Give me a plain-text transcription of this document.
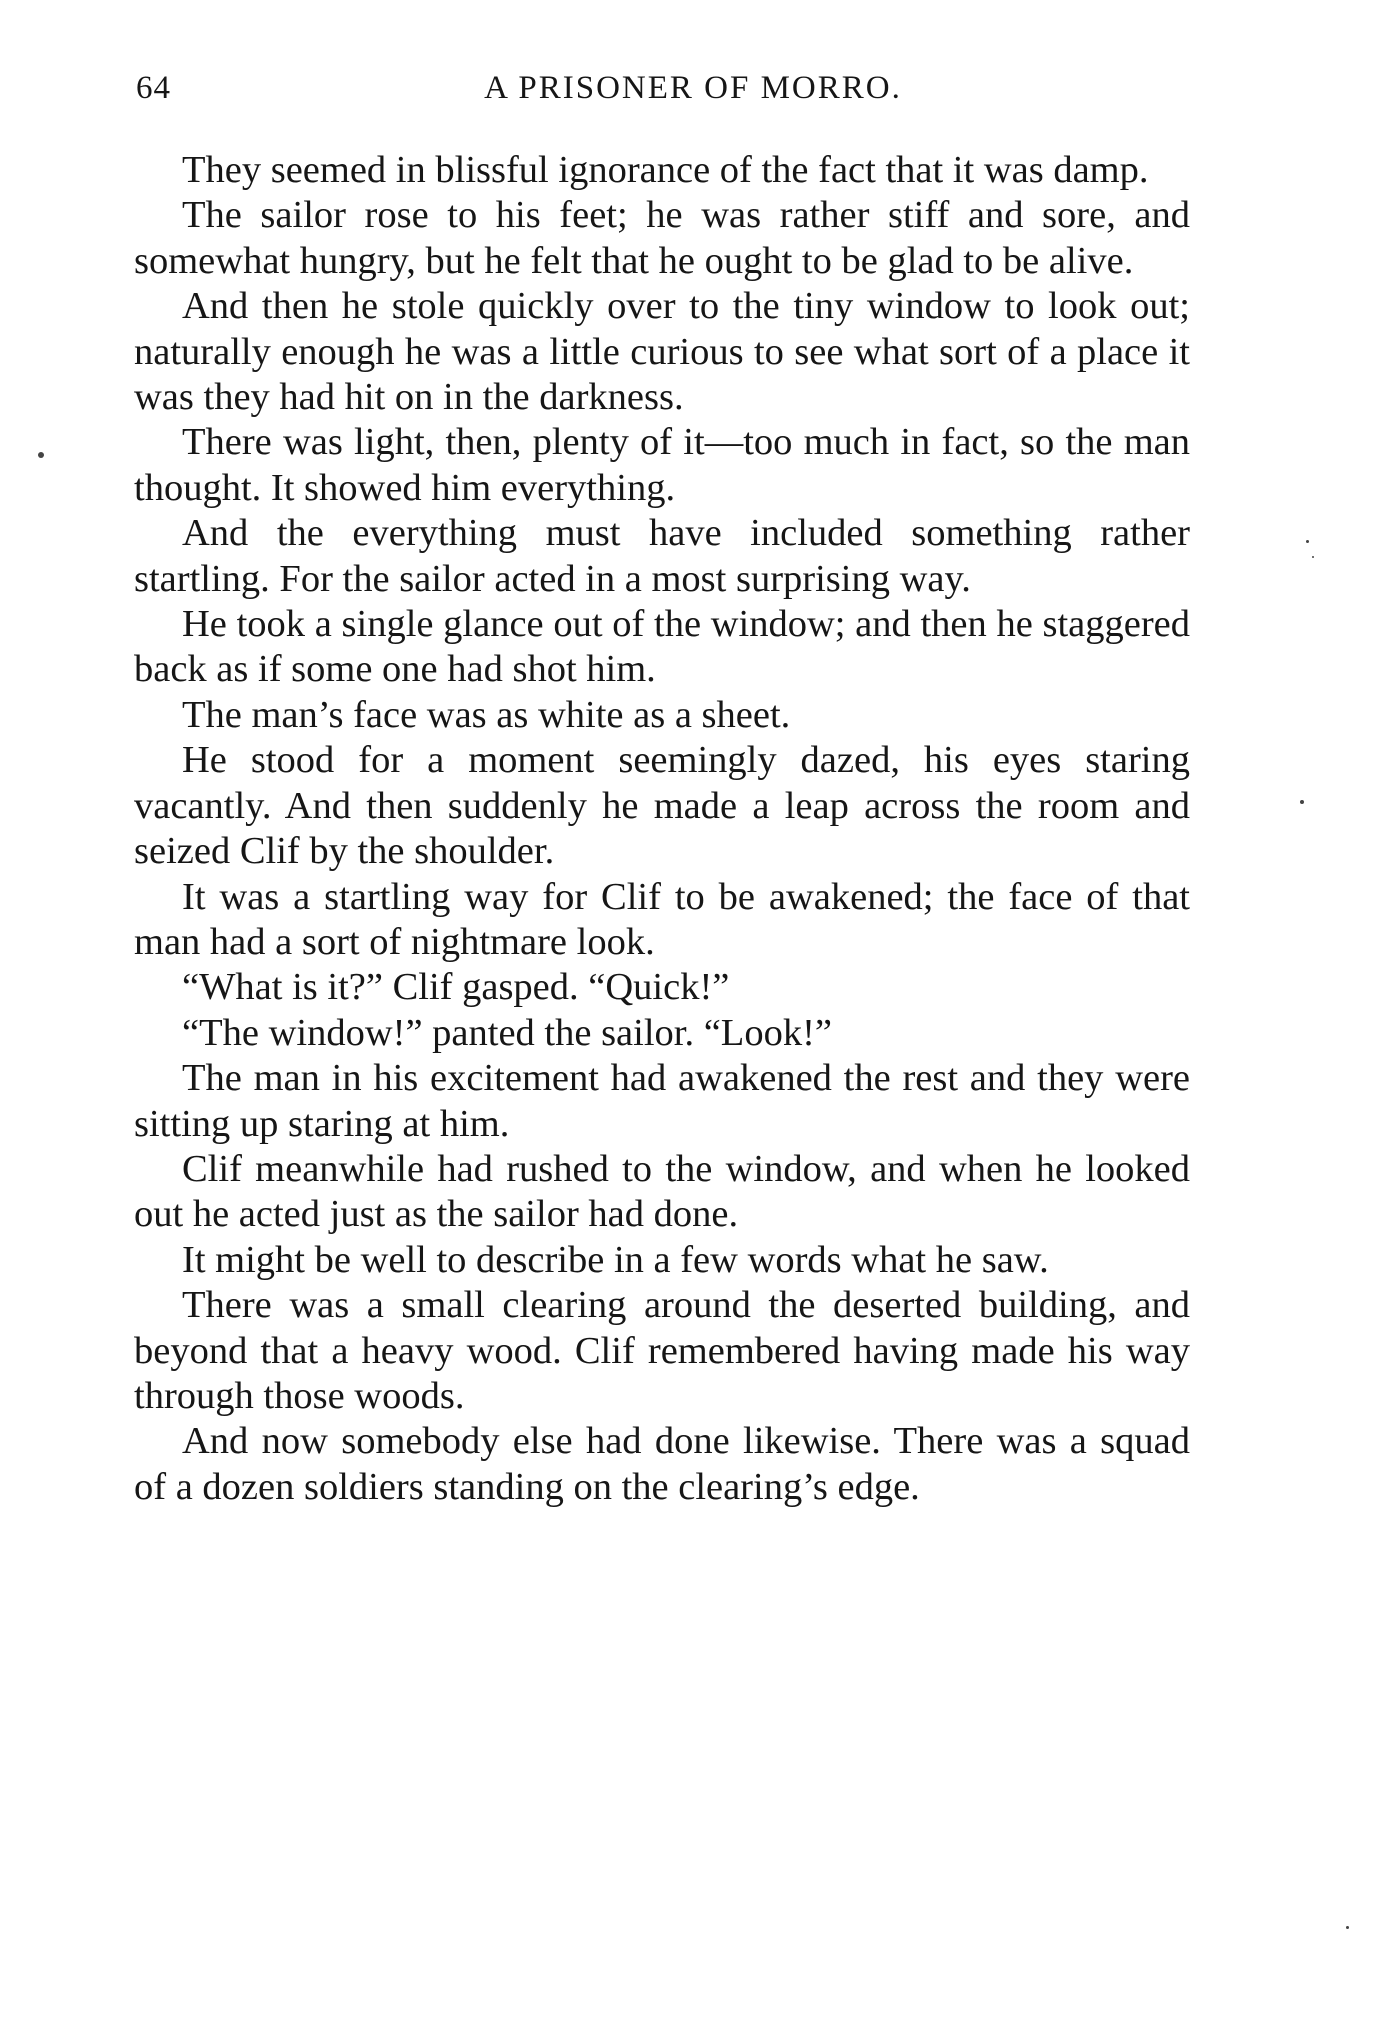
64	A PRISONER OF MORRO.

They seemed in blissful ignorance of the fact that it was damp.

The sailor rose to his feet; he was rather stiff and sore, and somewhat hungry, but he felt that he ought to be glad to be alive.

And then he stole quickly over to the tiny window to look out; naturally enough he was a little curious to see what sort of a place it was they had hit on in the darkness.

There was light, then, plenty of it—too much in fact, so the man thought. It showed him everything.

And the everything must have included something rather startling. For the sailor acted in a most surprising way.

He took a single glance out of the window; and then he staggered back as if some one had shot him.

The man’s face was as white as a sheet.

He stood for a moment seemingly dazed, his eyes staring vacantly. And then suddenly he made a leap across the room and seized Clif by the shoulder.

It was a startling way for Clif to be awakened; the face of that man had a sort of nightmare look.

“What is it?” Clif gasped. “Quick!”

“The window!” panted the sailor. “Look!”

The man in his excitement had awakened the rest and they were sitting up staring at him.

Clif meanwhile had rushed to the window, and when he looked out he acted just as the sailor had done.

It might be well to describe in a few words what he saw.

There was a small clearing around the deserted building, and beyond that a heavy wood. Clif remembered having made his way through those woods.

And now somebody else had done likewise. There was a squad of a dozen soldiers standing on the clearing’s edge.
